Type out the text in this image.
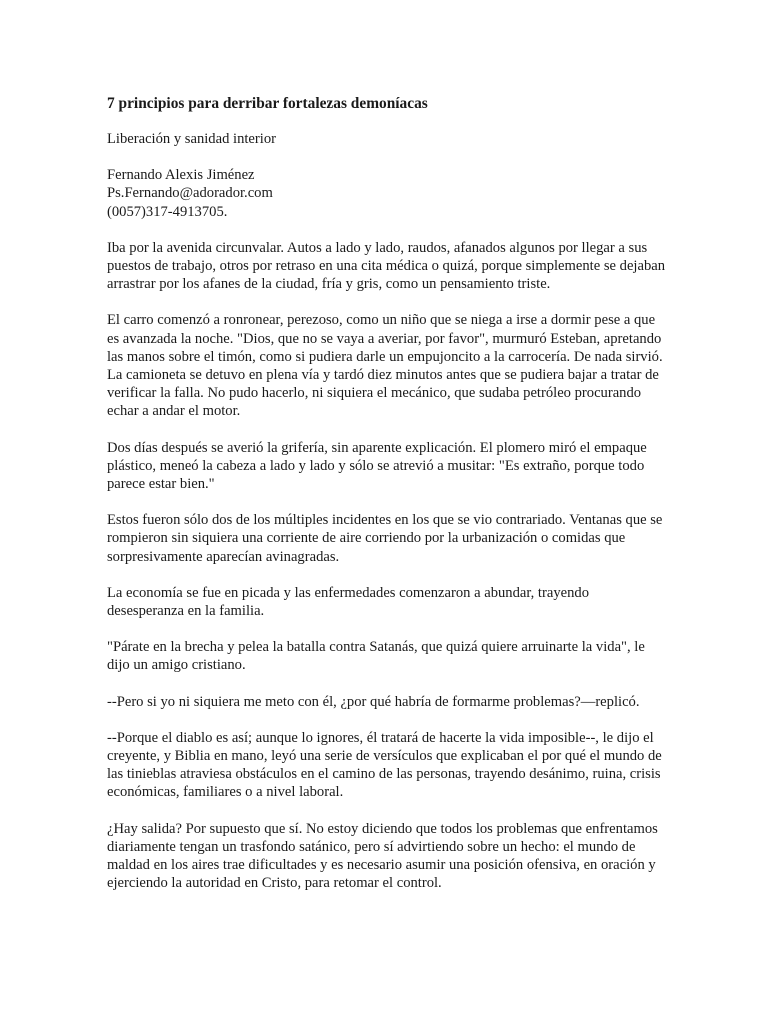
7 principios para derribar fortalezas demoníacas
Liberación y sanidad interior
Fernando Alexis Jiménez
Ps.Fernando@adorador.com
(0057)317-4913705.
Iba por la avenida circunvalar. Autos a lado y lado, raudos, afanados algunos por llegar a sus puestos de trabajo, otros por retraso en una cita médica o quizá, porque simplemente se dejaban arrastrar por los afanes de la ciudad, fría y gris, como un pensamiento triste.
El carro comenzó a ronronear, perezoso, como un niño que se niega a irse a dormir pese a que es avanzada la noche. "Dios, que no se vaya a averiar, por favor", murmuró Esteban, apretando las manos sobre el timón, como si pudiera darle un empujoncito a la carrocería. De nada sirvió. La camioneta se detuvo en plena vía y tardó diez minutos antes que se pudiera bajar a tratar de verificar la falla. No pudo hacerlo, ni siquiera el mecánico, que sudaba petróleo procurando echar a andar el motor.
Dos días después se averió la grifería, sin aparente explicación. El plomero miró el empaque plástico, meneó la cabeza a lado y lado y sólo se atrevió a musitar: "Es extraño, porque todo parece estar bien."
Estos fueron sólo dos de los múltiples incidentes en los que se vio contrariado. Ventanas que se rompieron sin siquiera una corriente de aire corriendo por la urbanización o comidas que sorpresivamente aparecían avinagradas.
La economía se fue en picada y las enfermedades comenzaron a abundar, trayendo desesperanza en la familia.
"Párate en la brecha y pelea la batalla contra Satanás, que quizá quiere arruinarte la vida", le dijo un amigo cristiano.
--Pero si yo ni siquiera me meto con él, ¿por qué habría de formarme problemas?—replicó.
--Porque el diablo es así; aunque lo ignores, él tratará de hacerte la vida imposible--, le dijo el creyente, y Biblia en mano, leyó una serie de versículos que explicaban el por qué el mundo de las tinieblas atraviesa obstáculos en el camino de las personas, trayendo desánimo, ruina, crisis económicas, familiares o a nivel laboral.
¿Hay salida? Por supuesto que sí. No estoy diciendo que todos los problemas que enfrentamos diariamente tengan un trasfondo satánico, pero sí advirtiendo sobre un hecho: el mundo de maldad en los aires trae dificultades y es necesario asumir una posición ofensiva, en oración y ejerciendo la autoridad en Cristo, para retomar el control.
